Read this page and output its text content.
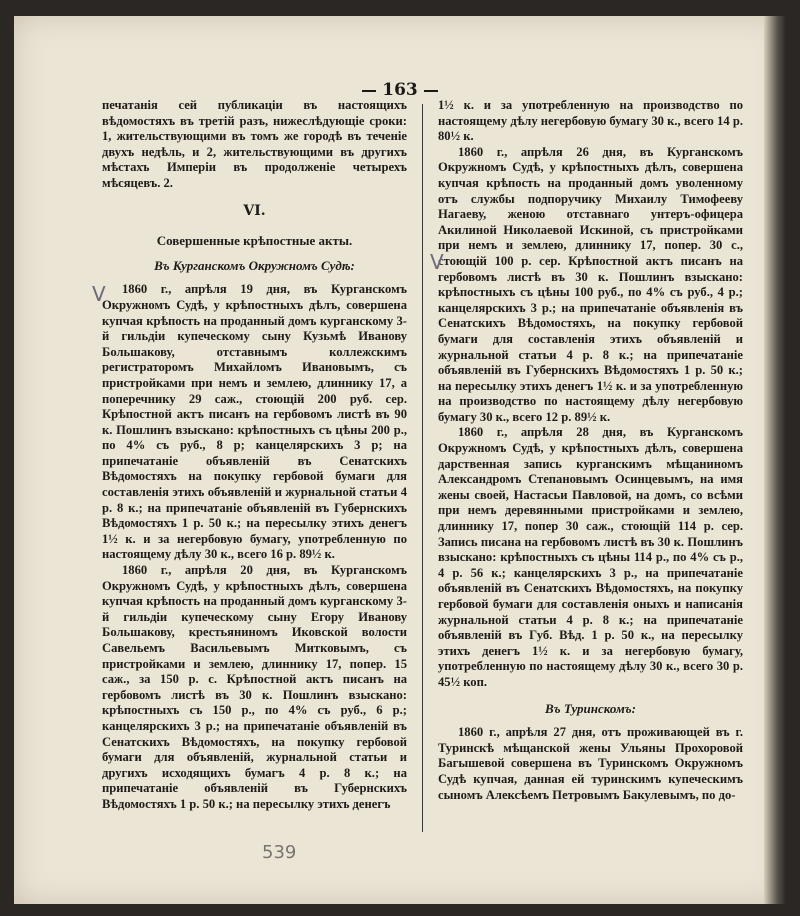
163

печатанія сей публикаціи въ настоящихъ вѣдомостяхъ въ третій разъ, нижеслѣдующіе сроки: 1, жительствующими въ томъ же городѣ въ теченіе двухъ недѣль, и 2, жительствующими въ другихъ мѣстахъ Имперіи въ продолженіе четырехъ мѣсяцевъ. 2.

VI.
Совершенные крѣпостные акты.
Въ Курганскомъ Окружномъ Судѣ:

1860 г., апрѣля 19 дня, въ Курганскомъ Окружномъ Судѣ, у крѣпостныхъ дѣлъ, совершена купчая крѣпость на проданный домъ курганскому 3-й гильдіи купеческому сыну Кузьмѣ Иванову Большакову, отставнымъ коллежскимъ регистраторомъ Михайломъ Ивановымъ, съ пристройками при немъ и землею, длиннику 17, а поперечнику 29 саж., стоющій 200 руб. сер. Крѣпостной актъ писанъ на гербовомъ листѣ въ 90 к. Пошлинъ взыскано: крѣпостныхъ съ цѣны 200 р., по 4% съ руб., 8 р; канцелярскихъ 3 р; на припечатаніе объявленій въ Сенатскихъ Вѣдомостяхъ на покупку гербовой бумаги для составленія этихъ объявленій и журнальной статьи 4 р. 8 к.; на припечатаніе объявленій въ Губернскихъ Вѣдомостяхъ 1 р. 50 к.; на пересылку этихъ денегъ 1½ к. и за негербовую бумагу, употребленную по настоящему дѣлу 30 к., всего 16 р. 89½ к.

1860 г., апрѣля 20 дня, въ Курганскомъ Окружномъ Судѣ, у крѣпостныхъ дѣлъ, совершена купчая крѣпость на проданный домъ курганскому 3-й гильдіи купеческому сыну Егору Иванову Большакову, крестьяниномъ Иковской волости Савельемъ Васильевымъ Митковымъ, съ пристройками и землею, длиннику 17, попер. 15 саж., за 150 р. с. Крѣпостной актъ писанъ на гербовомъ листѣ въ 30 к. Пошлинъ взыскано: крѣпостныхъ съ 150 р., по 4% съ руб., 6 р.; канцелярскихъ 3 р.; на припечатаніе объявленій въ Сенатскихъ Вѣдомостяхъ, на покупку гербовой бумаги для объявленій, журнальной статьи и другихъ исходящихъ бумагъ 4 р. 8 к.; на припечатаніе объявленій въ Губернскихъ Вѣдомостяхъ 1 р. 50 к.; на пересылку этихъ денегъ

1½ к. и за употребленную на производство по настоящему дѣлу негербовую бумагу 30 к., всего 14 р. 80½ к.

1860 г., апрѣля 26 дня, въ Курганскомъ Окружномъ Судѣ, у крѣпостныхъ дѣлъ, совершена купчая крѣпость на проданный домъ уволенному отъ службы подпоручику Михаилу Тимофееву Нагаеву, женою отставнаго унтеръ-офицера Акилиной Николаевой Искиной, съ пристройками при немъ и землею, длиннику 17, попер. 30 с., стоющій 100 р. сер. Крѣпостной актъ писанъ на гербовомъ листѣ въ 30 к. Пошлинъ взыскано: крѣпостныхъ съ цѣны 100 руб., по 4% съ руб., 4 р.; канцелярскихъ 3 р.; на припечатаніе объявленія въ Сенатскихъ Вѣдомостяхъ, на покупку гербовой бумаги для составленія этихъ объявленій и журнальной статьи 4 р. 8 к.; на припечатаніе объявленій въ Губернскихъ Вѣдомостяхъ 1 р. 50 к.; на пересылку этихъ денегъ 1½ к. и за употребленную на производство по настоящему дѣлу негербовую бумагу 30 к., всего 12 р. 89½ к.

1860 г., апрѣля 28 дня, въ Курганскомъ Окружномъ Судѣ, у крѣпостныхъ дѣлъ, совершена дарственная запись курганскимъ мѣщаниномъ Александромъ Степановымъ Осинцевымъ, на имя жены своей, Настасьи Павловой, на домъ, со всѣми при немъ деревянными пристройками и землею, длиннику 17, попер 30 саж., стоющій 114 р. сер. Запись писана на гербовомъ листѣ въ 30 к. Пошлинъ взыскано: крѣпостныхъ съ цѣны 114 р., по 4% съ р., 4 р. 56 к.; канцелярскихъ 3 р., на припечатаніе объявленій въ Сенатскихъ Вѣдомостяхъ, на покупку гербовой бумаги для составленія оныхъ и написанія журнальной статьи 4 р. 8 к.; на припечатаніе объявленій въ Губ. Вѣд. 1 р. 50 к., на пересылку этихъ денегъ 1½ к. и за негербовую бумагу, употребленную по настоящему дѣлу 30 к., всего 30 р. 45½ коп.

Въ Туринскомъ:

1860 г., апрѣля 27 дня, отъ проживающей въ г. Туринскѣ мѣщанской жены Ульяны Прохоровой Багышевой совершена въ Туринскомъ Окружномъ Судѣ купчая, данная ей туринскимъ купеческимъ сыномъ Алексѣемъ Петровымъ Бакулевымъ, по до-

V
V
539
